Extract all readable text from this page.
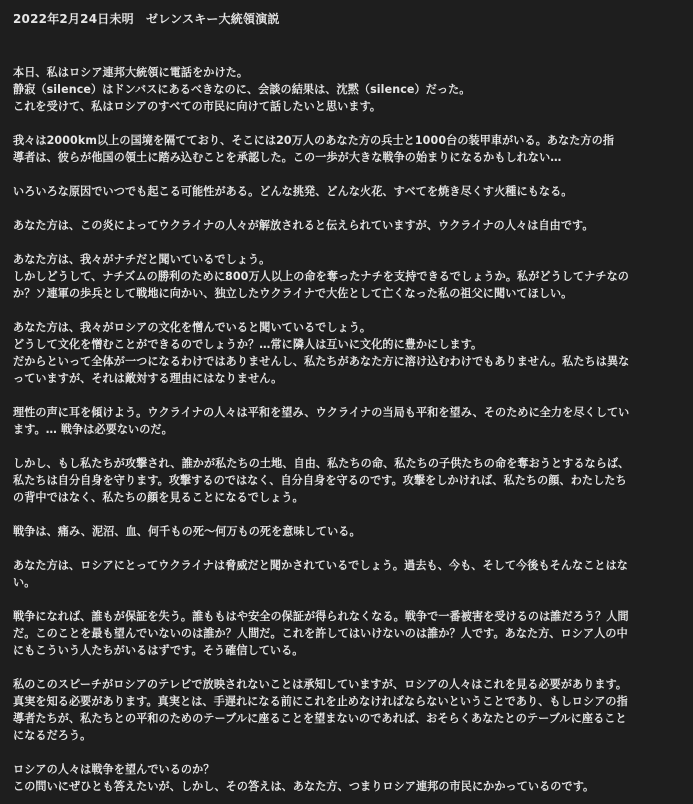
2022年2月24日未明　ゼレンスキー大統領演説

本日、私はロシア連邦大統領に電話をかけた。
静寂（silence）はドンバスにあるべきなのに、会談の結果は、沈黙（silence）だった。
これを受けて、私はロシアのすべての市民に向けて話したいと思います。

我々は2000km以上の国境を隔てており、そこには20万人のあなた方の兵士と1000台の装甲車がいる。あなた方の指
導者は、彼らが他国の領土に踏み込むことを承認した。この一歩が大きな戦争の始まりになるかもしれない…

いろいろな原因でいつでも起こる可能性がある。どんな挑発、どんな火花、すべてを焼き尽くす火種にもなる。

あなた方は、この炎によってウクライナの人々が解放されると伝えられていますが、ウクライナの人々は自由です。

あなた方は、我々がナチだと聞いているでしょう。
しかしどうして、ナチズムの勝利のために800万人以上の命を奪ったナチを支持できるでしょうか。私がどうしてナチなの
か？ソ連軍の歩兵として戦地に向かい、独立したウクライナで大佐として亡くなった私の祖父に聞いてほしい。

あなた方は、我々がロシアの文化を憎んでいると聞いているでしょう。
どうして文化を憎むことができるのでしょうか？…常に隣人は互いに文化的に豊かにします。
だからといって全体が一つになるわけではありませんし、私たちがあなた方に溶け込むわけでもありません。私たちは異な
っていますが、それは敵対する理由にはなりません。

理性の声に耳を傾けよう。ウクライナの人々は平和を望み、ウクライナの当局も平和を望み、そのために全力を尽くしてい
ます。… 戦争は必要ないのだ。

しかし、もし私たちが攻撃され、誰かが私たちの土地、自由、私たちの命、私たちの子供たちの命を奪おうとするならば、
私たちは自分自身を守ります。攻撃するのではなく、自分自身を守るのです。攻撃をしかければ、私たちの顔、わたしたち
の背中ではなく、私たちの顔を見ることになるでしょう。

戦争は、痛み、泥沼、血、何千もの死〜何万もの死を意味している。

あなた方は、ロシアにとってウクライナは脅威だと聞かされているでしょう。過去も、今も、そして今後もそんなことはな
い。

戦争になれば、誰もが保証を失う。誰ももはや安全の保証が得られなくなる。戦争で一番被害を受けるのは誰だろう？人間
だ。このことを最も望んでいないのは誰か？人間だ。これを許してはいけないのは誰か？人です。あなた方、ロシア人の中
にもこういう人たちがいるはずです。そう確信している。

私のこのスピーチがロシアのテレビで放映されないことは承知していますが、ロシアの人々はこれを見る必要があります。
真実を知る必要があります。真実とは、手遅れになる前にこれを止めなければならないということであり、もしロシアの指
導者たちが、私たちとの平和のためのテーブルに座ることを望まないのであれば、おそらくあなたとのテーブルに座ること
になるだろう。

ロシアの人々は戦争を望んでいるのか？
この問いにぜひとも答えたいが、しかし、その答えは、あなた方、つまりロシア連邦の市民にかかっているのです。
